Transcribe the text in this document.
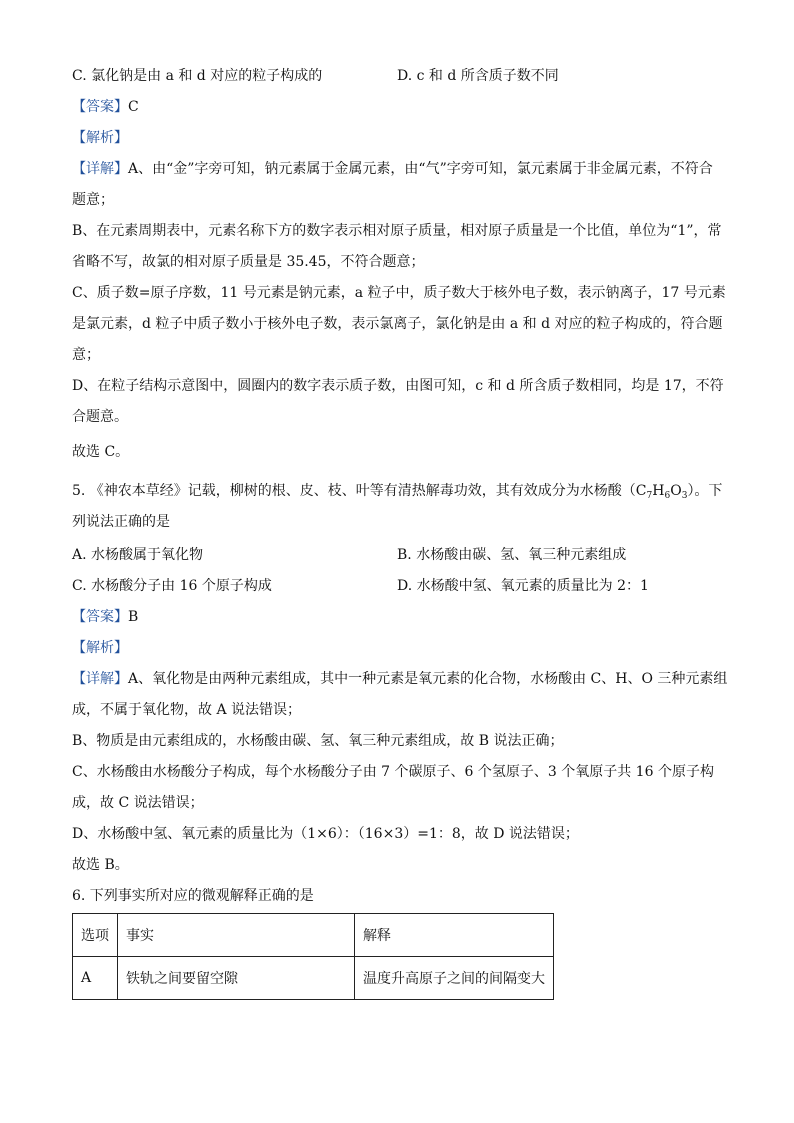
C. 氯化钠是由 a 和 d 对应的粒子构成的	D. c 和 d 所含质子数不同
【答案】C
【解析】
【详解】A、由“金”字旁可知，钠元素属于金属元素，由“气”字旁可知，氯元素属于非金属元素，不符合
题意；
B、在元素周期表中，元素名称下方的数字表示相对原子质量，相对原子质量是一个比值，单位为“1”，常
省略不写，故氯的相对原子质量是 35.45，不符合题意；
C、质子数=原子序数，11 号元素是钠元素，a 粒子中，质子数大于核外电子数，表示钠离子，17 号元素
是氯元素，d 粒子中质子数小于核外电子数，表示氯离子，氯化钠是由 a 和 d 对应的粒子构成的，符合题
意；
D、在粒子结构示意图中，圆圈内的数字表示质子数，由图可知，c 和 d 所含质子数相同，均是 17，不符
合题意。
故选 C。
5. 《神农本草经》记载，柳树的根、皮、枝、叶等有清热解毒功效，其有效成分为水杨酸$(C_7H_6O_3)$。下
列说法正确的是
A. 水杨酸属于氧化物	B. 水杨酸由碳、氢、氧三种元素组成
C. 水杨酸分子由 16 个原子构成	D. 水杨酸中氢、氧元素的质量比为 2：1
【答案】B
【解析】
【详解】A、氧化物是由两种元素组成，其中一种元素是氧元素的化合物，水杨酸由 C、H、O 三种元素组
成，不属于氧化物，故 A 说法错误；
B、物质是由元素组成的，水杨酸由碳、氢、氧三种元素组成，故 B 说法正确；
C、水杨酸由水杨酸分子构成，每个水杨酸分子由 7 个碳原子、6 个氢原子、3 个氧原子共 16 个原子构
成，故 C 说法错误；
D、水杨酸中氢、氧元素的质量比为（1×6）：（16×3）=1：8，故 D 说法错误；
故选 B。
6. 下列事实所对应的微观解释正确的是
选项	事实	解释
A	铁轨之间要留空隙	温度升高原子之间的间隔变大
